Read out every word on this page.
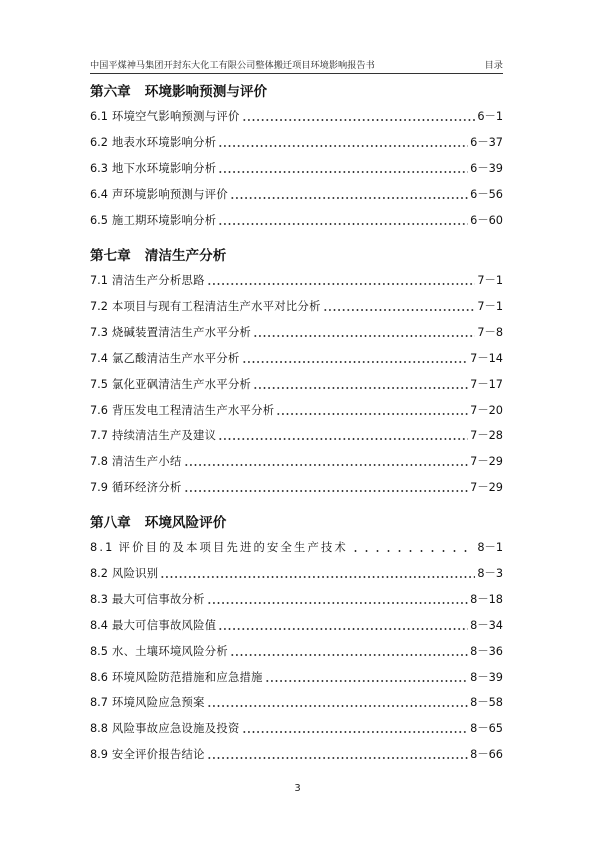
中国平煤神马集团开封东大化工有限公司整体搬迁项目环境影响报告书	目录
第六章 环境影响预测与评价
6.1 环境空气影响预测与评价	6－1
6.2 地表水环境影响分析	6－37
6.3 地下水环境影响分析	6－39
6.4 声环境影响预测与评价	6－56
6.5 施工期环境影响分析	6－60
第七章 清洁生产分析
7.1 清洁生产分析思路	7－1
7.2 本项目与现有工程清洁生产水平对比分析	7－1
7.3 烧碱装置清洁生产水平分析	7－8
7.4 氯乙酸清洁生产水平分析	7－14
7.5 氯化亚砜清洁生产水平分析	7－17
7.6 背压发电工程清洁生产水平分析	7－20
7.7 持续清洁生产及建议	7－28
7.8 清洁生产小结	7－29
7.9 循环经济分析	7－29
第八章 环境风险评价
8.1 评价目的及本项目先进的安全生产技术	8－1
8.2 风险识别	8－3
8.3 最大可信事故分析	8－18
8.4 最大可信事故风险值	8－34
8.5 水、土壤环境风险分析	8－36
8.6 环境风险防范措施和应急措施	8－39
8.7 环境风险应急预案	8－58
8.8 风险事故应急设施及投资	8－65
8.9 安全评价报告结论	8－66
3
